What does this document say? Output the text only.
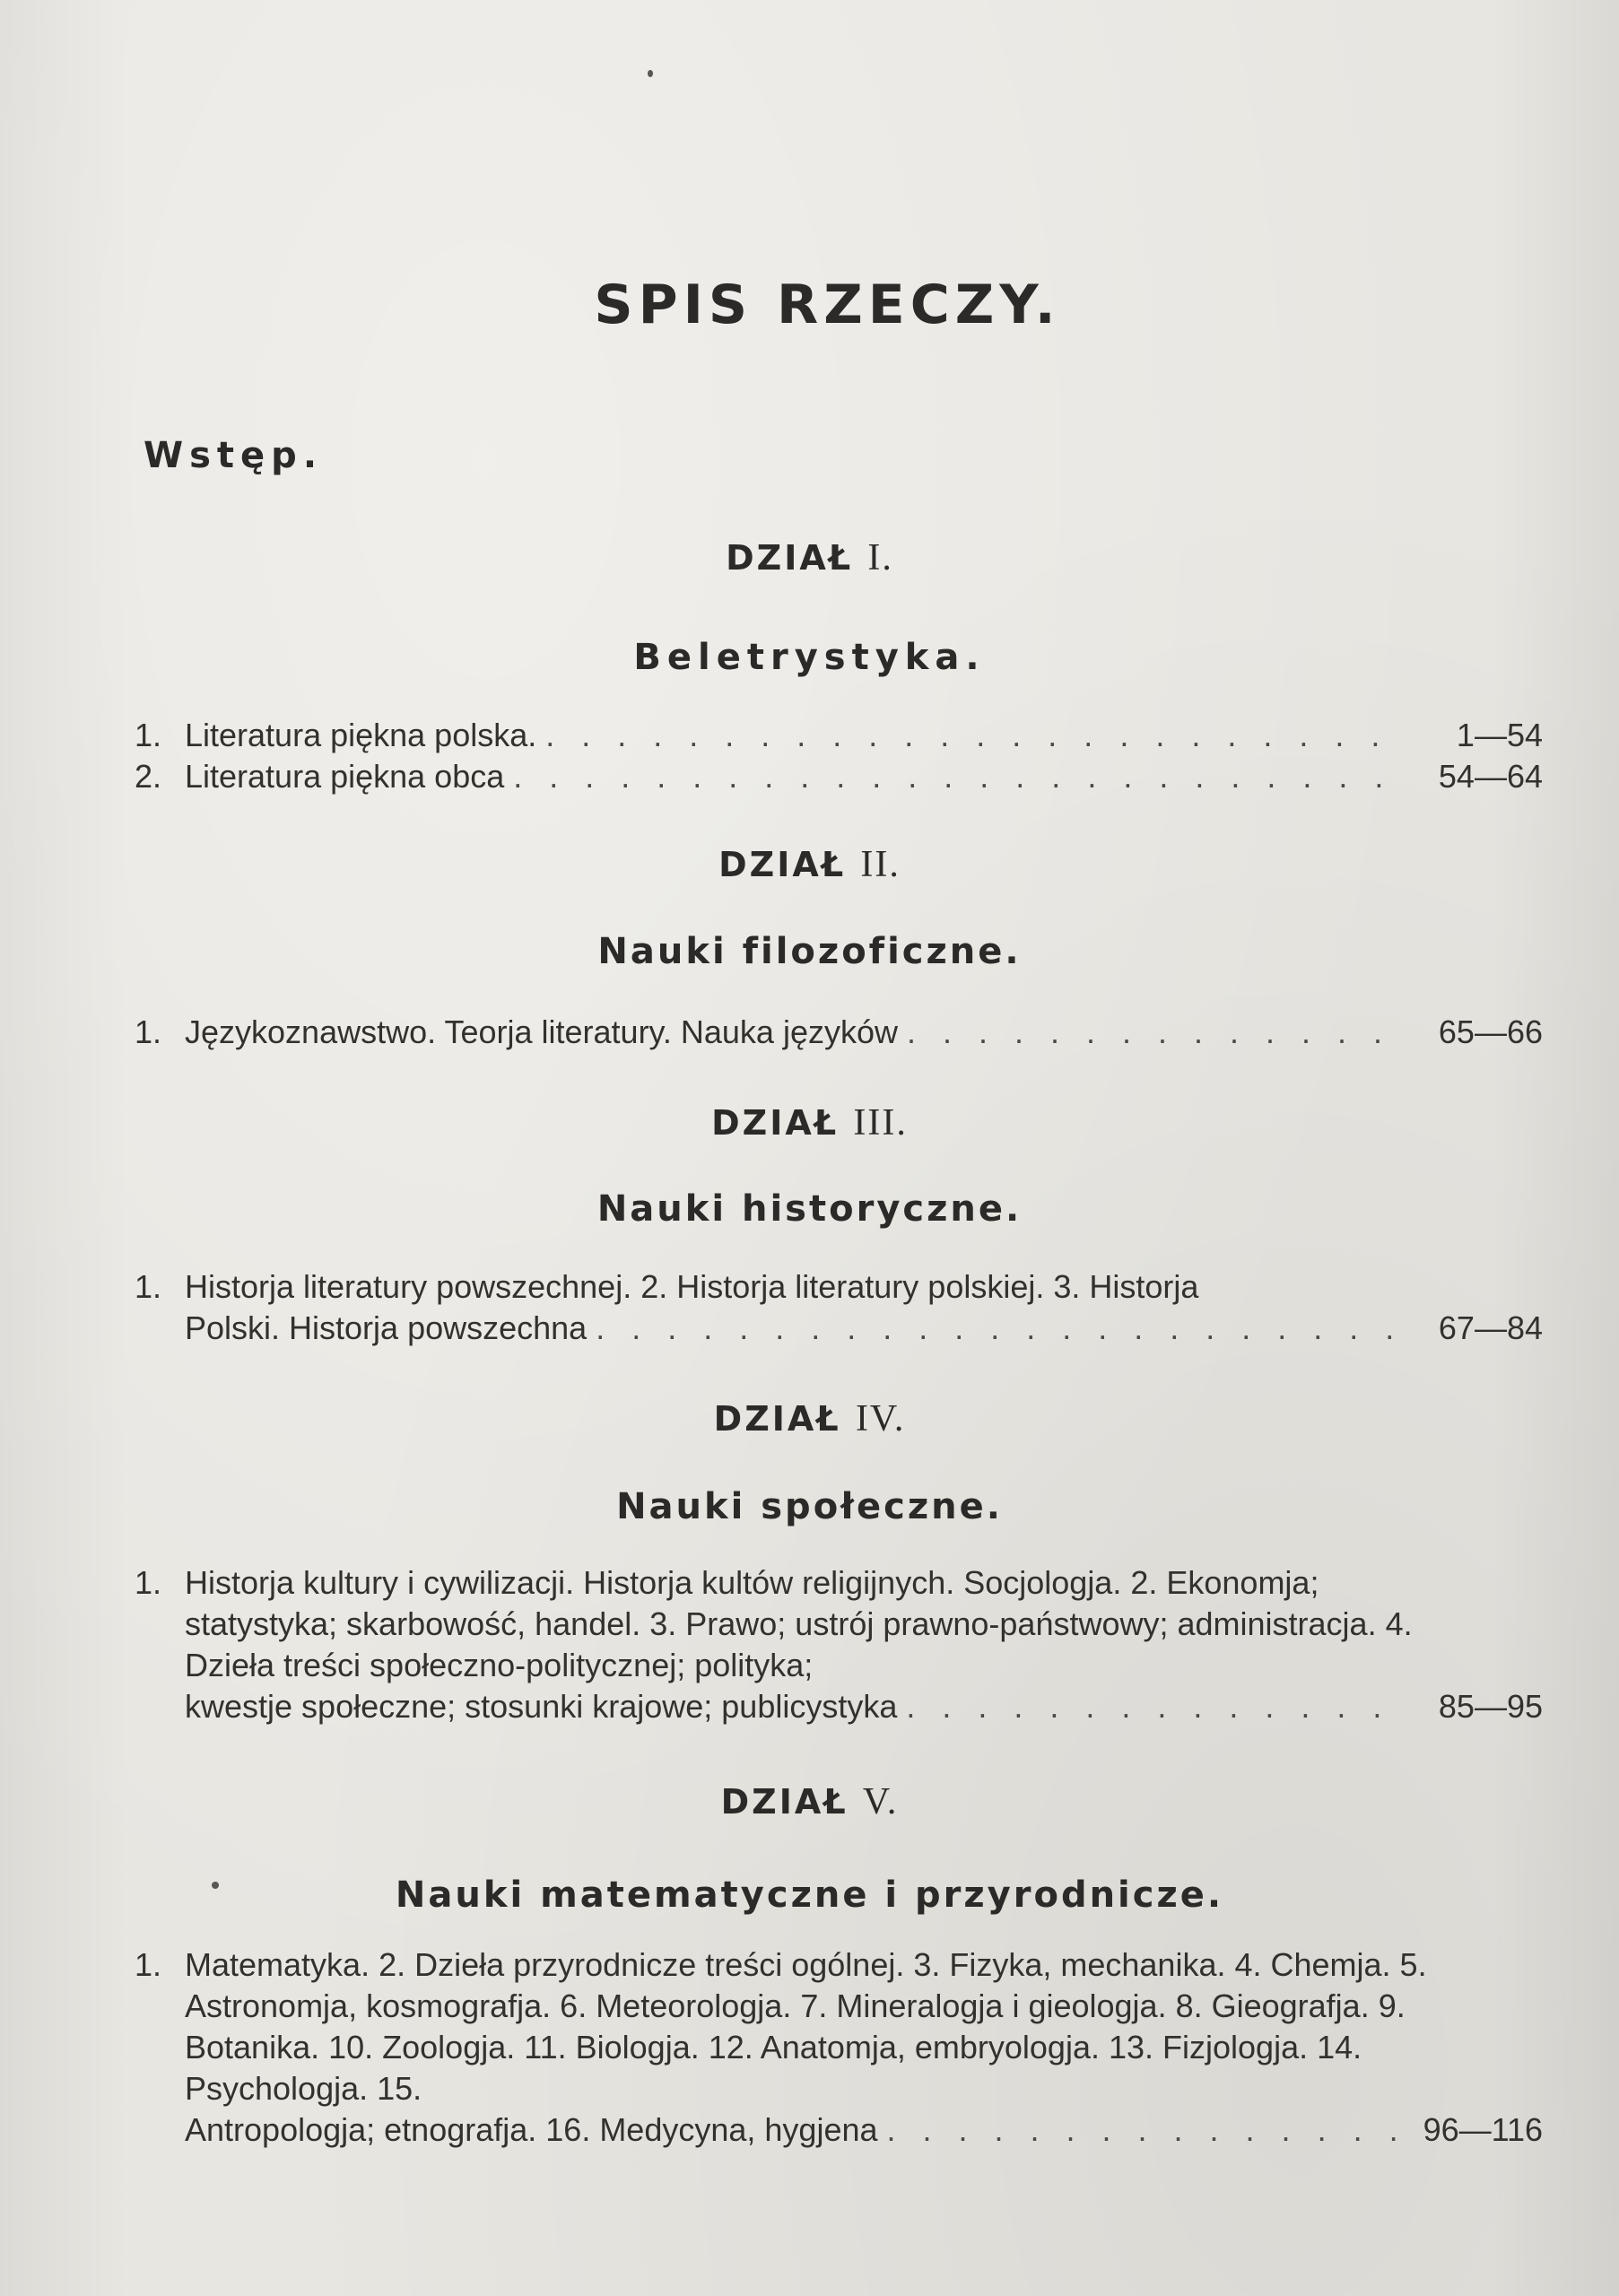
SPIS RZECZY.
Wstęp.
DZIAŁ I.
Beletrystyka.
1. Literatura piękna polska. . . .	1—54
2. Literatura piękna obca . . .	54—64
DZIAŁ II.
Nauki filozoficzne.
1. Językoznawstwo. Teorja literatury. Nauka języków . . .	65—66
DZIAŁ III.
Nauki historyczne.
1. Historja literatury powszechnej. 2. Historja literatury polskiej. 3. Historja
Polski. Historja powszechna . . .	67—84
DZIAŁ IV.
Nauki społeczne.
1. Historja kultury i cywilizacji. Historja kultów religijnych. Socjologja. 2. Ekonomja; statystyka; skarbowość, handel. 3. Prawo; ustrój prawno-państwowy; administracja. 4. Dzieła treści społeczno-politycznej; polityka;
kwestje społeczne; stosunki krajowe; publicystyka . . .	85—95
DZIAŁ V.
Nauki matematyczne i przyrodnicze.
1. Matematyka. 2. Dzieła przyrodnicze treści ogólnej. 3. Fizyka, mechanika. 4. Chemja. 5. Astronomja, kosmografja. 6. Meteorologja. 7. Mineralogja i gieologja. 8. Gieografja. 9. Botanika. 10. Zoologja. 11. Biologja. 12. Anatomja, embryologja. 13. Fizjologja. 14. Psychologja. 15.
Antropologja; etnografja. 16. Medycyna, hygjena . . .	96—116
